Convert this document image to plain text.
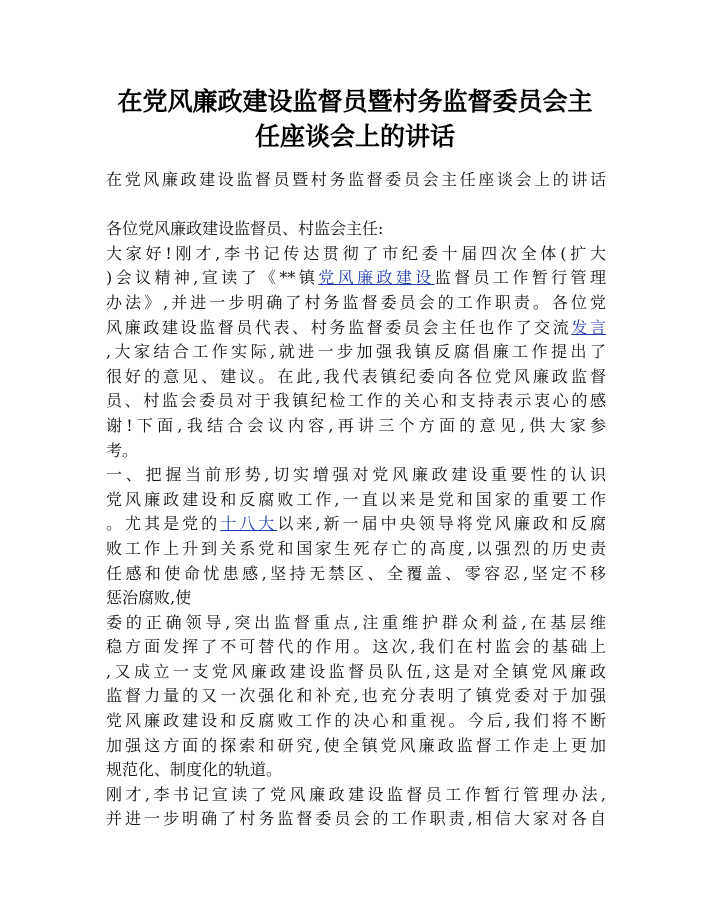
在党风廉政建设监督员暨村务监督委员会主
任座谈会上的讲话
在党风廉政建设监督员暨村务监督委员会主任座谈会上的讲话
各位党风廉政建设监督员、村监会主任:
大家好!刚才,李书记传达贯彻了市纪委十届四次全体(扩大
)会议精神,宣读了《**镇党风廉政建设监督员工作暂行管理
办法》,并进一步明确了村务监督委员会的工作职责。各位党
风廉政建设监督员代表、村务监督委员会主任也作了交流发言
,大家结合工作实际,就进一步加强我镇反腐倡廉工作提出了
很好的意见、建议。在此,我代表镇纪委向各位党风廉政监督
员、村监会委员对于我镇纪检工作的关心和支持表示衷心的感
谢!下面,我结合会议内容,再讲三个方面的意见,供大家参
考。
一、把握当前形势,切实增强对党风廉政建设重要性的认识
党风廉政建设和反腐败工作,一直以来是党和国家的重要工作
。尤其是党的十八大以来,新一届中央领导将党风廉政和反腐
败工作上升到关系党和国家生死存亡的高度,以强烈的历史责
任感和使命忧患感,坚持无禁区、全覆盖、零容忍,坚定不移
惩治腐败,使
委的正确领导,突出监督重点,注重维护群众利益,在基层维
稳方面发挥了不可替代的作用。这次,我们在村监会的基础上
,又成立一支党风廉政建设监督员队伍,这是对全镇党风廉政
监督力量的又一次强化和补充,也充分表明了镇党委对于加强
党风廉政建设和反腐败工作的决心和重视。今后,我们将不断
加强这方面的探索和研究,使全镇党风廉政监督工作走上更加
规范化、制度化的轨道。
刚才,李书记宣读了党风廉政建设监督员工作暂行管理办法,
并进一步明确了村务监督委员会的工作职责,相信大家对各自
